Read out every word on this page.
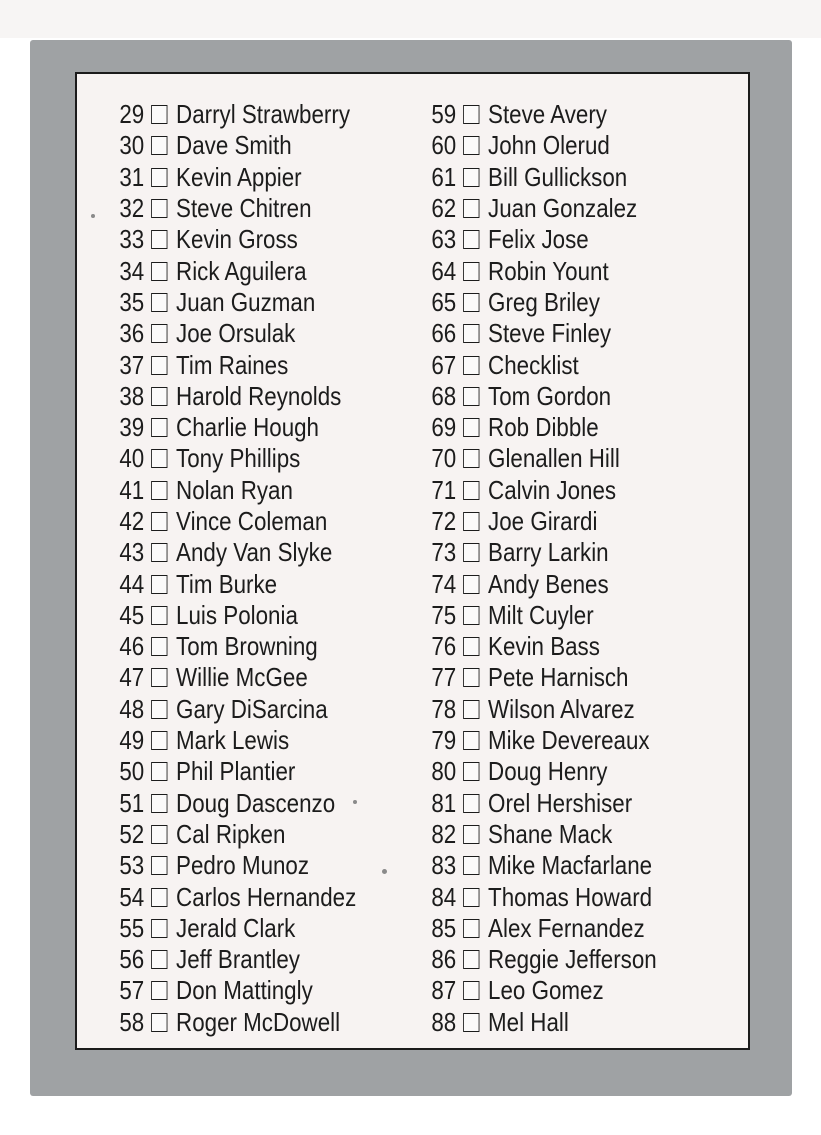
29 Darryl Strawberry
30 Dave Smith
31 Kevin Appier
32 Steve Chitren
33 Kevin Gross
34 Rick Aguilera
35 Juan Guzman
36 Joe Orsulak
37 Tim Raines
38 Harold Reynolds
39 Charlie Hough
40 Tony Phillips
41 Nolan Ryan
42 Vince Coleman
43 Andy Van Slyke
44 Tim Burke
45 Luis Polonia
46 Tom Browning
47 Willie McGee
48 Gary DiSarcina
49 Mark Lewis
50 Phil Plantier
51 Doug Dascenzo
52 Cal Ripken
53 Pedro Munoz
54 Carlos Hernandez
55 Jerald Clark
56 Jeff Brantley
57 Don Mattingly
58 Roger McDowell
59 Steve Avery
60 John Olerud
61 Bill Gullickson
62 Juan Gonzalez
63 Felix Jose
64 Robin Yount
65 Greg Briley
66 Steve Finley
67 Checklist
68 Tom Gordon
69 Rob Dibble
70 Glenallen Hill
71 Calvin Jones
72 Joe Girardi
73 Barry Larkin
74 Andy Benes
75 Milt Cuyler
76 Kevin Bass
77 Pete Harnisch
78 Wilson Alvarez
79 Mike Devereaux
80 Doug Henry
81 Orel Hershiser
82 Shane Mack
83 Mike Macfarlane
84 Thomas Howard
85 Alex Fernandez
86 Reggie Jefferson
87 Leo Gomez
88 Mel Hall
